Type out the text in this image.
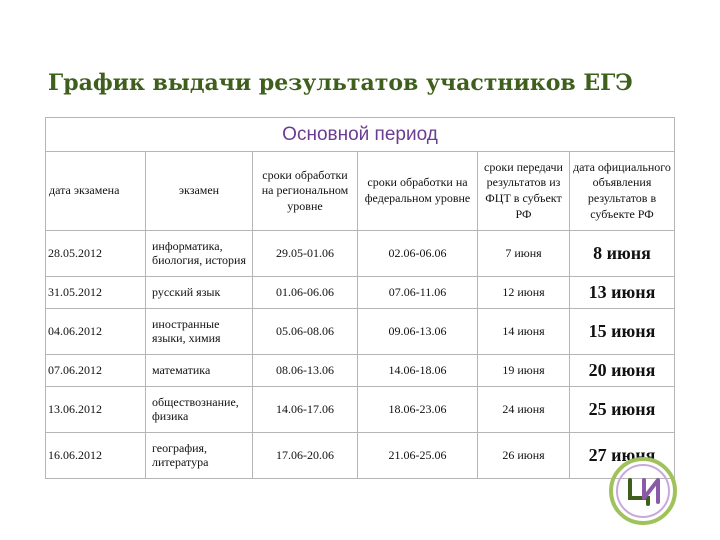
График выдачи результатов участников ЕГЭ
Основной период					
дата экзамена	экзамен	сроки обработки на региональном уровне	сроки обработки на федеральном уровне	сроки передачи результатов из ФЦТ в субъект РФ	дата официального объявления результатов в субъекте РФ
28.05.2012	информатика, биология, история	29.05-01.06	02.06-06.06	7 июня	8 июня
31.05.2012	русский язык	01.06-06.06	07.06-11.06	12 июня	13 июня
04.06.2012	иностранные языки, химия	05.06-08.06	09.06-13.06	14 июня	15 июня
07.06.2012	математика	08.06-13.06	14.06-18.06	19 июня	20 июня
13.06.2012	обществознание, физика	14.06-17.06	18.06-23.06	24 июня	25 июня
16.06.2012	география, литература	17.06-20.06	21.06-25.06	26 июня	27 июня
